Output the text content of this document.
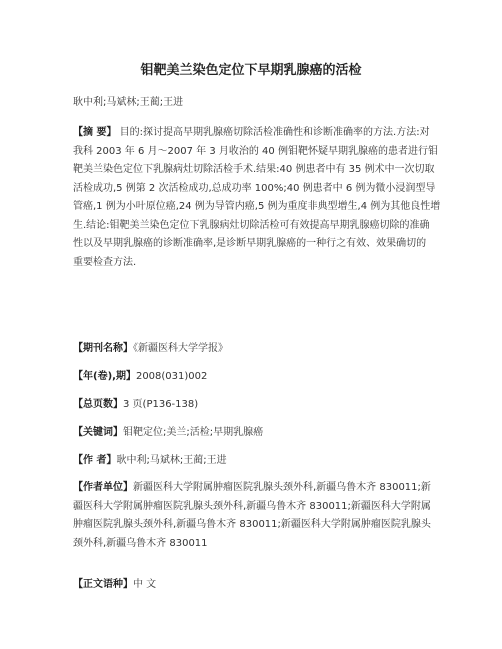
钼靶美兰染色定位下早期乳腺癌的活检
耿中利;马斌林;王蔺;王进
【摘 要】 目的:探讨提高早期乳腺癌切除活检准确性和诊断准确率的方法.方法:对
我科 2003 年 6 月～2007 年 3 月收治的 40 例钼靶怀疑早期乳腺癌的患者进行钼
靶美兰染色定位下乳腺病灶切除活检手术.结果:40 例患者中有 35 例术中一次切取
活检成功,5 例第 2 次活检成功,总成功率 100%;40 例患者中 6 例为微小浸润型导
管癌,1 例为小叶原位癌,24 例为导管内癌,5 例为重度非典型增生,4 例为其他良性增
生.结论:钼靶美兰染色定位下乳腺病灶切除活检可有效提高早期乳腺癌切除的准确
性以及早期乳腺癌的诊断准确率,是诊断早期乳腺癌的一种行之有效、效果确切的
重要检查方法.
【期刊名称】《新疆医科大学学报》
【年(卷),期】2008(031)002
【总页数】3 页(P136-138)
【关键词】钼靶定位;美兰;活检;早期乳腺癌
【作 者】耿中利;马斌林;王蔺;王进
【作者单位】新疆医科大学附属肿瘤医院乳腺头颈外科,新疆乌鲁木齐 830011;新
疆医科大学附属肿瘤医院乳腺头颈外科,新疆乌鲁木齐 830011;新疆医科大学附属
肿瘤医院乳腺头颈外科,新疆乌鲁木齐 830011;新疆医科大学附属肿瘤医院乳腺头
颈外科,新疆乌鲁木齐 830011
【正文语种】中 文
